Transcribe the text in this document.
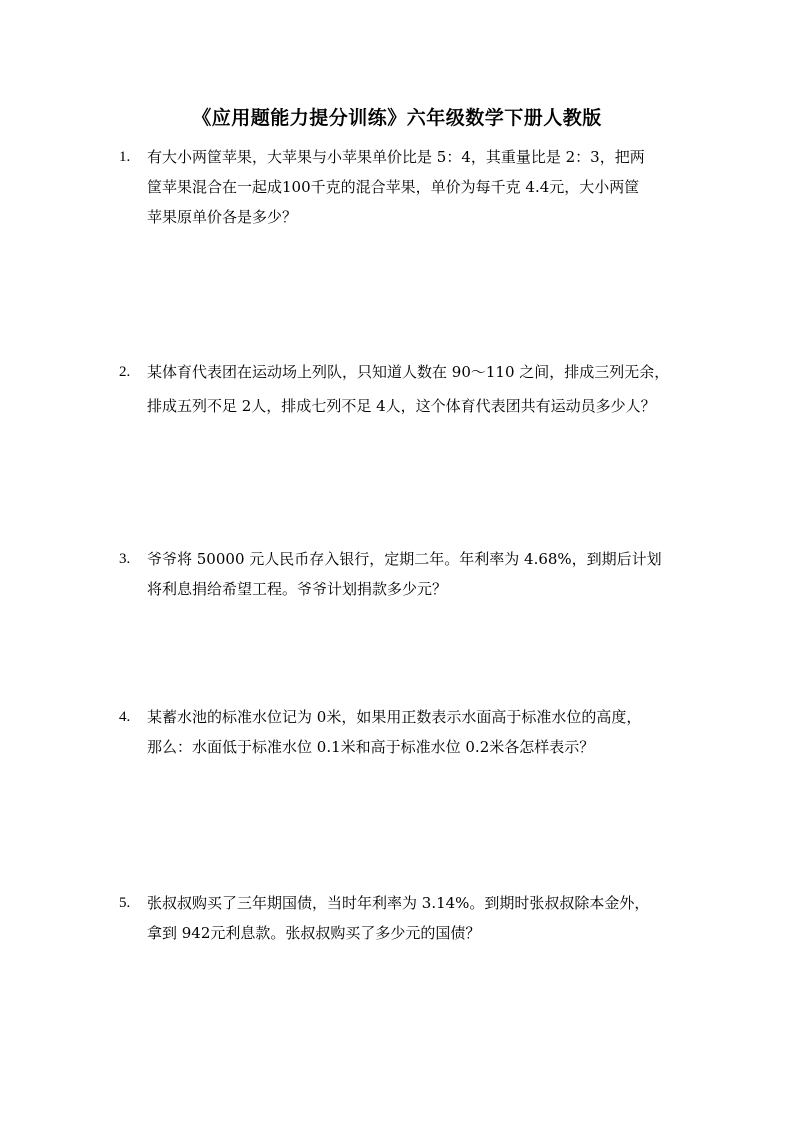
《应用题能力提分训练》六年级数学下册人教版
1. 有大小两筐苹果，大苹果与小苹果单价比是 5：4，其重量比是 2：3，把两
筐苹果混合在一起成100千克的混合苹果，单价为每千克 4.4元，大小两筐
苹果原单价各是多少？
2. 某体育代表团在运动场上列队，只知道人数在 90～110 之间，排成三列无余，
排成五列不足 2人，排成七列不足 4人，这个体育代表团共有运动员多少人？
3. 爷爷将 50000 元人民币存入银行，定期二年。年利率为 4.68%，到期后计划
将利息捐给希望工程。爷爷计划捐款多少元？
4. 某蓄水池的标准水位记为 0米，如果用正数表示水面高于标准水位的高度，
那么：水面低于标准水位 0.1米和高于标准水位 0.2米各怎样表示？
5. 张叔叔购买了三年期国债，当时年利率为 3.14%。到期时张叔叔除本金外，
拿到 942元利息款。张叔叔购买了多少元的国债？
